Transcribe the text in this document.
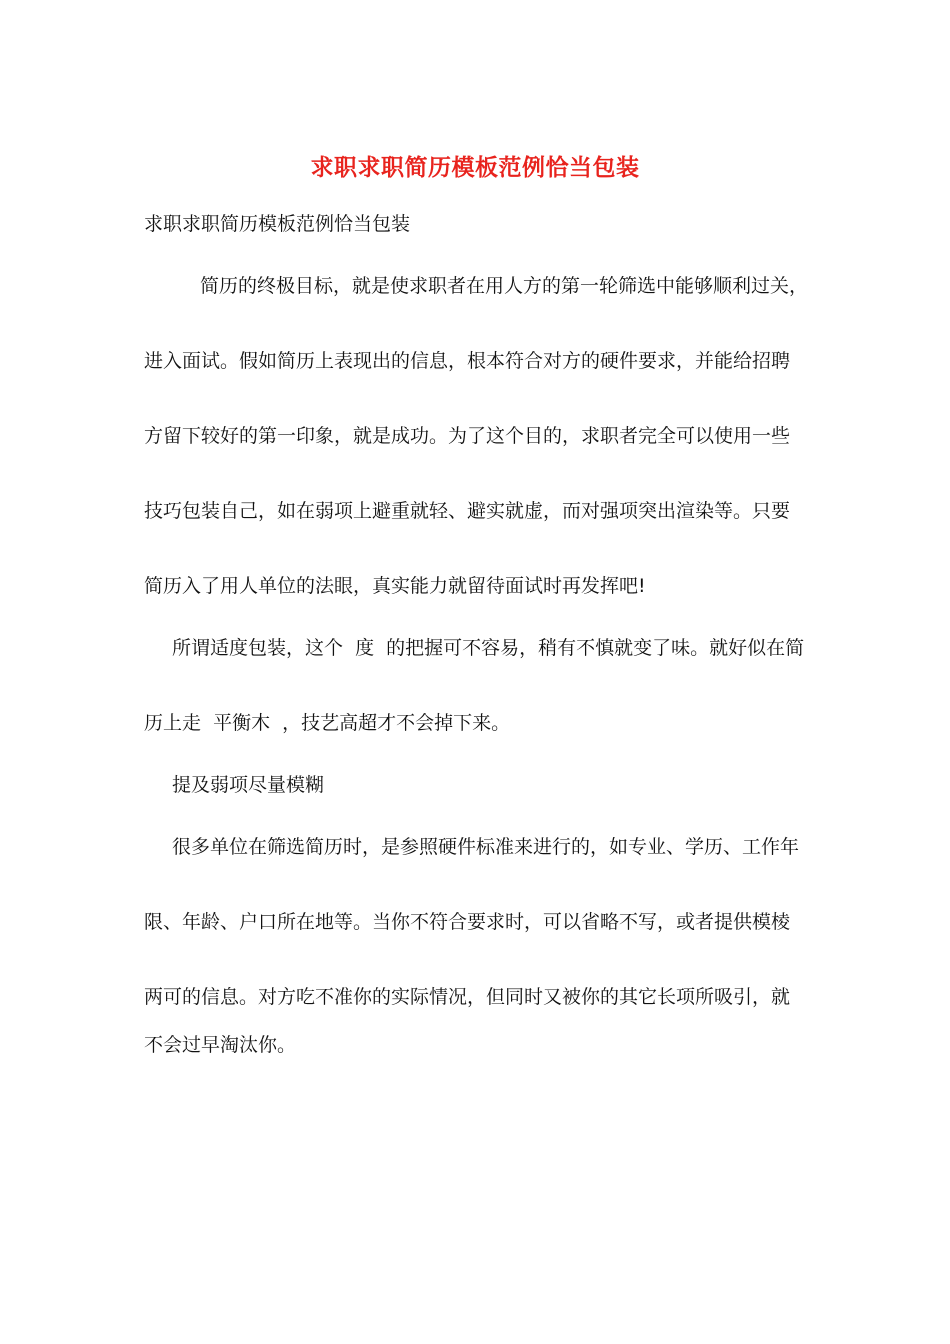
求职求职简历模板范例恰当包装
求职求职简历模板范例恰当包装
简历的终极目标，就是使求职者在用人方的第一轮筛选中能够顺利过关，
进入面试。假如简历上表现出的信息，根本符合对方的硬件要求，并能给招聘
方留下较好的第一印象，就是成功。为了这个目的，求职者完全可以使用一些
技巧包装自己，如在弱项上避重就轻、避实就虚，而对强项突出渲染等。只要
简历入了用人单位的法眼，真实能力就留待面试时再发挥吧!
所谓适度包装，这个  度  的把握可不容易，稍有不慎就变了味。就好似在简
历上走  平衡木  ，技艺高超才不会掉下来。
提及弱项尽量模糊
很多单位在筛选简历时，是参照硬件标准来进行的，如专业、学历、工作年
限、年龄、户口所在地等。当你不符合要求时，可以省略不写，或者提供模棱
两可的信息。对方吃不准你的实际情况，但同时又被你的其它长项所吸引，就
不会过早淘汰你。
